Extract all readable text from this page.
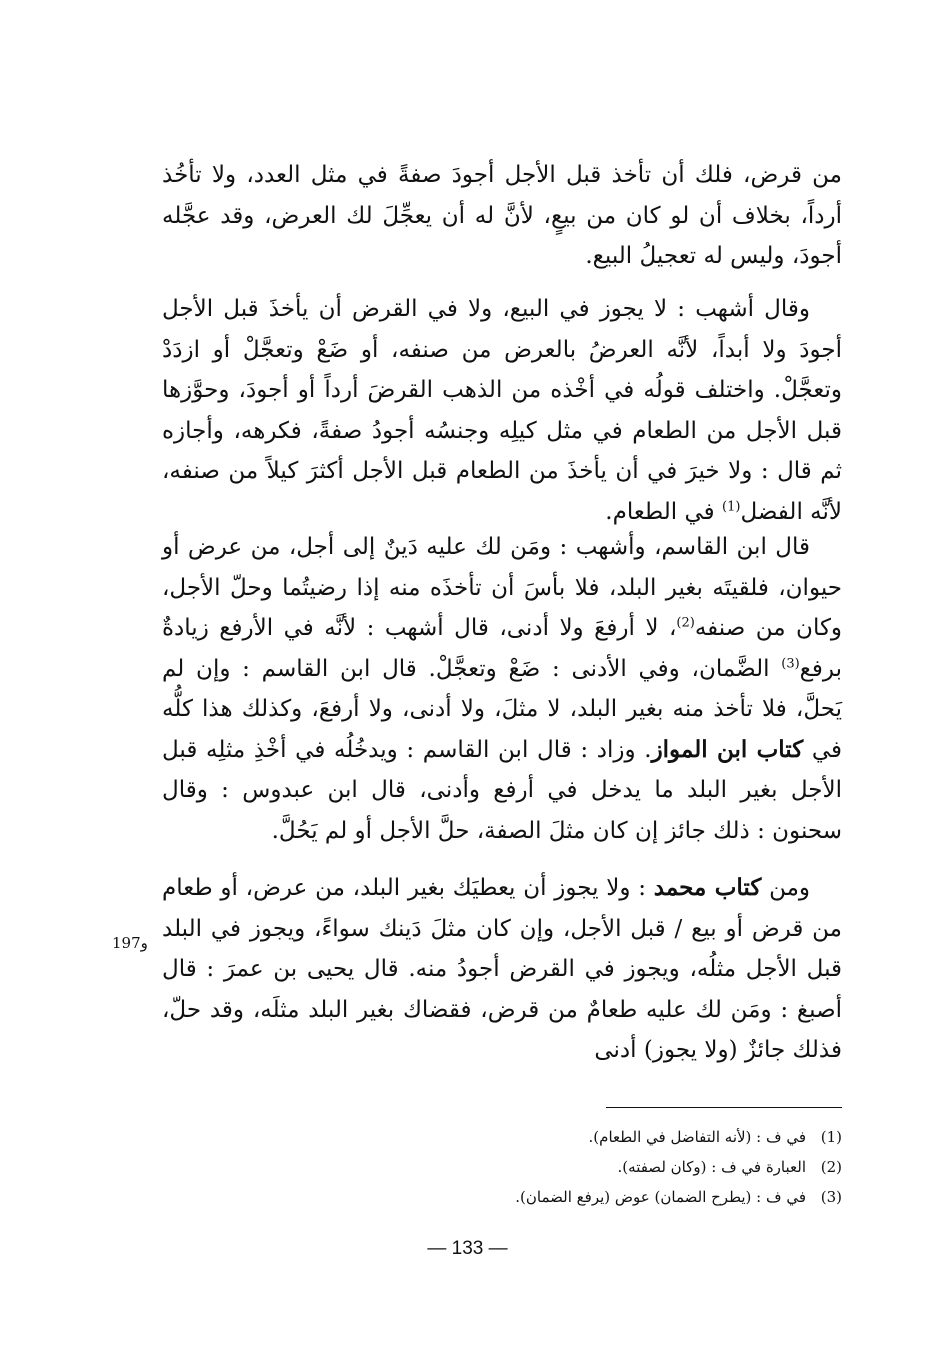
من قرض، فلك أن تأخذ قبل الأجل أجودَ صفةً في مثل العدد، ولا تأخُذ أرداً، بخلاف أن لو كان من بيعٍ، لأنَّ له أن يعجِّلَ لك العرض، وقد عجَّله أجودَ، وليس له تعجيلُ البيع.

وقال أشهب : لا يجوز في البيع، ولا في القرض أن يأخذَ قبل الأجل أجودَ ولا أبداً، لأنَّه العرضُ بالعرض من صنفه، أو ضَعْ وتعجَّلْ أو ازدَدْ وتعجَّلْ. واختلف قولُه في أخْذه من الذهب القرضَ أرداً أو أجودَ، وحوَّزها قبل الأجل من الطعام في مثل كيلِه وجنسُه أجودُ صفةً، فكرهه، وأجازه ثم قال : ولا خيرَ في أن يأخذَ من الطعام قبل الأجل أكثرَ كيلاً من صنفه، لأنَّه الفضل$^{(1)}$ في الطعام.

قال ابن القاسم، وأشهب : ومَن لك عليه دَينٌ إلى أجل، من عرض أو حيوان، فلقيتَه بغير البلد، فلا بأسَ أن تأخذَه منه إذا رضيتُما وحلّ الأجل، وكان من صنفه$^{(2)}$، لا أرفعَ ولا أدنى، قال أشهب : لأنَّه في الأرفع زيادةٌ برفع$^{(3)}$ الضَّمان، وفي الأدنى : ضَعْ وتعجَّلْ. قال ابن القاسم : وإن لم يَحلَّ، فلا تأخذ منه بغير البلد، لا مثلَ، ولا أدنى، ولا أرفعَ، وكذلك هذا كلُّه في كتاب ابن المواز. وزاد : قال ابن القاسم : ويدخُلُه في أخْذِ مثلِه قبل الأجل بغير البلد ما يدخل في أرفع وأدنى، قال ابن عبدوس : وقال سحنون : ذلك جائز إن كان مثلَ الصفة، حلَّ الأجل أو لم يَحُلَّ.

ومن كتاب محمد : ولا يجوز أن يعطيَك بغير البلد، من عرض، أو طعام من قرض أو بيع / قبل الأجل، وإن كان مثلَ دَينك سواءً، ويجوز في البلد قبل الأجل مثلُه، ويجوز في القرض أجودُ منه. قال يحيى بن عمرَ : قال أصبغ : ومَن لك عليه طعامٌ من قرض، فقضاك بغير البلد مثلَه، وقد حلّ، فذلك جائزٌ (ولا يجوز) أدنى

197و
(1)في ف : (لأنه التفاضل في الطعام).
(2)العبارة في ف : (وكان لصفته).
(3)في ف : (يطرح الضمان) عوض (يرفع الضمان).
— 133 —
